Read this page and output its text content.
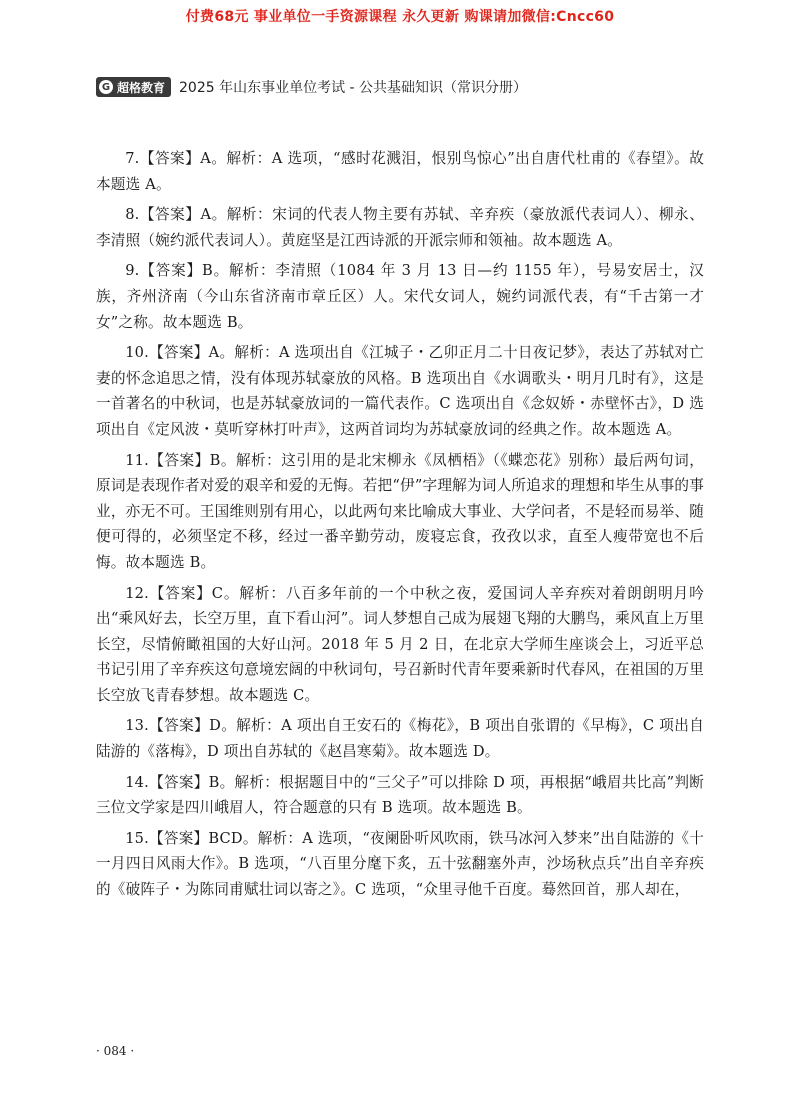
付费68元 事业单位一手资源课程 永久更新 购课请加微信:Cncc60
G 超格教育 2025 年山东事业单位考试 - 公共基础知识（常识分册）

7.【答案】A。解析：A 选项，“感时花溅泪，恨别鸟惊心”出自唐代杜甫的《春望》。故本题选 A。

8.【答案】A。解析：宋词的代表人物主要有苏轼、辛弃疾（豪放派代表词人）、柳永、李清照（婉约派代表词人）。黄庭坚是江西诗派的开派宗师和领袖。故本题选 A。

9.【答案】B。解析：李清照（1084 年 3 月 13 日—约 1155 年），号易安居士，汉族，齐州济南（今山东省济南市章丘区）人。宋代女词人，婉约词派代表，有“千古第一才女”之称。故本题选 B。

10.【答案】A。解析：A 选项出自《江城子・乙卯正月二十日夜记梦》，表达了苏轼对亡妻的怀念追思之情，没有体现苏轼豪放的风格。B 选项出自《水调歌头・明月几时有》，这是一首著名的中秋词，也是苏轼豪放词的一篇代表作。C 选项出自《念奴娇・赤壁怀古》，D 选项出自《定风波・莫听穿林打叶声》，这两首词均为苏轼豪放词的经典之作。故本题选 A。

11.【答案】B。解析：这引用的是北宋柳永《凤栖梧》（《蝶恋花》别称）最后两句词，原词是表现作者对爱的艰辛和爱的无悔。若把“伊”字理解为词人所追求的理想和毕生从事的事业，亦无不可。王国维则别有用心，以此两句来比喻成大事业、大学问者，不是轻而易举、随便可得的，必须坚定不移，经过一番辛勤劳动，废寝忘食，孜孜以求，直至人瘦带宽也不后悔。故本题选 B。

12.【答案】C。解析：八百多年前的一个中秋之夜，爱国词人辛弃疾对着朗朗明月吟出“乘风好去，长空万里，直下看山河”。词人梦想自己成为展翅飞翔的大鹏鸟，乘风直上万里长空，尽情俯瞰祖国的大好山河。2018 年 5 月 2 日，在北京大学师生座谈会上，习近平总书记引用了辛弃疾这句意境宏阔的中秋词句，号召新时代青年要乘新时代春风，在祖国的万里长空放飞青春梦想。故本题选 C。

13.【答案】D。解析：A 项出自王安石的《梅花》，B 项出自张谓的《早梅》，C 项出自陆游的《落梅》，D 项出自苏轼的《赵昌寒菊》。故本题选 D。

14.【答案】B。解析：根据题目中的“三父子”可以排除 D 项，再根据“峨眉共比高”判断三位文学家是四川峨眉人，符合题意的只有 B 选项。故本题选 B。

15.【答案】BCD。解析：A 选项，“夜阑卧听风吹雨，铁马冰河入梦来”出自陆游的《十一月四日风雨大作》。B 选项，“八百里分麾下炙，五十弦翻塞外声，沙场秋点兵”出自辛弃疾的《破阵子・为陈同甫赋壮词以寄之》。C 选项，“众里寻他千百度。蓦然回首，那人却在，

· 084 ·
